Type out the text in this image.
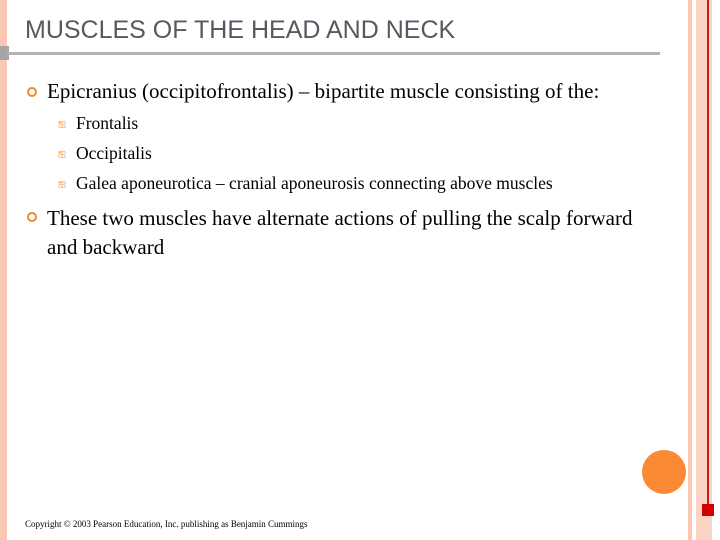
MUSCLES OF THE HEAD AND NECK
Epicranius (occipitofrontalis) – bipartite muscle consisting of the:
ஐ Frontalis
ஐ Occipitalis
ஐ Galea aponeurotica – cranial aponeurosis connecting above muscles
These two muscles have alternate actions of pulling the scalp forward and backward
Copyright © 2003 Pearson Education, Inc. publishing as Benjamin Cummings
